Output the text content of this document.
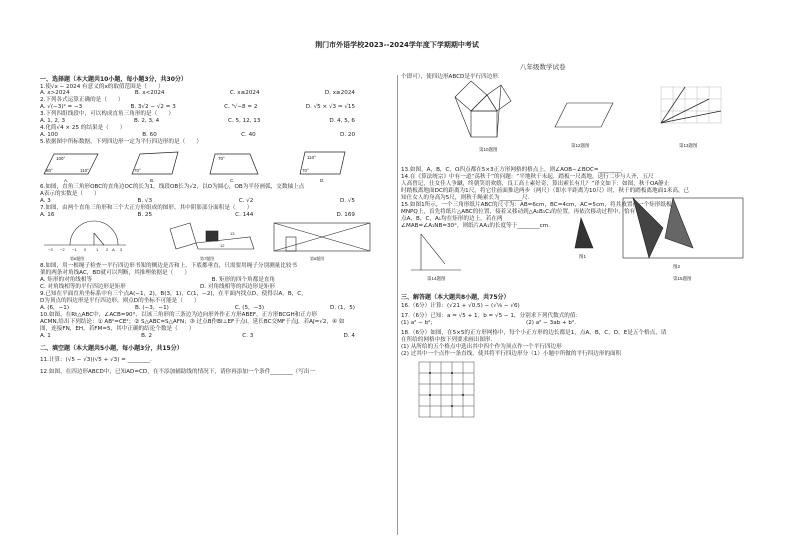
荆门市外语学校2023--2024学年度下学期期中考试
八年级数学试卷
一、选择题（本大题共10小题，每小题3分，共30分）
1.使√x − 2024 有意义的x的取值范围是（　　）
A. x>2024	B. x<2024	C. x≤2024	D. x≥2024
2.下列各式运算正确的是（　　）
A. √(−3)² = −3	B. 3√2 − √2 = 3	C. ³√−8 = 2	D. √5 × √3 = √15
3.下列四组线段中，可以构成直角三角形的是（　　）
A. 1, 2, 3	B. 2, 3, 4	C. 5, 12, 13	D. 4, 5, 6
4.化简√4 × 25 的结果是（　　）
A. 100	B. 60	C. 40	D. 20
5.依据图中所标数据，下列四边形一定为平行四边形的是（　　）
100°
80°	110°	70°
70°	110°
70°
A.	B.	C.	D.
6.如图，直角三角形OBC的直角边OC的长为1，线段OB长为√2，以O为圆心，OB为半径画弧，交数轴上点
A表示的实数是（　　）
A. 3	B. √3	C. √2	D. √5
7.如图，由两个直角三角形和三个大正方形组成的图形，其中阴影部分面积是（　　）
A. 16	B. 25	C. 144	D. 169
−3 −2 −1 0 1 2 A 3
第6题图
13
12
第7题图	第8题图
8.如图，用一根绳子检查一平行四边形书架的侧边是否和上、下底都垂直，只需要用绳子分别测量比较书
架的两条对角线AC，BD就可以判断，其推理依据是（　　）
A. 矩形的对角线相等	B. 矩形的四个角都是直角
C. 对角线相等的平行四边形是矩形	D. 对角线相等的四边形是矩形
9.已知在平面直角坐标系中有三个点A(−1，2)，B(3，1)，C(1，−2)，在平面内找点D，使得以A，B，C，
D为顶点的四边形是平行四边形，则点D的坐标不可能是（　　）
A. (6，−1)	B. (−3，−1)	C. (5，−3)	D. (1，5)
10.如图，在Rt△ABC中，∠ACB=90°，以该三角形的三条边为边向形外作正方形ABEF，正方形BCGH和正方形
ACMN,给出下列结论：① AB²=CE²；② S△ABC=S△AFN；③ 过点B作BI⊥EF于点I，延长BC交MF于点J，若AJ=√2，④ 如
图，连接FN，EH，若FM=5，其中正确的结论个数是（　　）
A. 1	B. 2	C. 3	D. 4
二、填空题（本大题共5小题，每小题3分，共15分）
11.计算：(√5 − √3)(√5 + √3) = ________.
12.如图，在四边形ABCD中，已知AD=CD，在不添加辅助线的情况下，请你再添加一个条件________（写出一
个即可），使四边形ABCD是平行四边形.
第10题图
第12题图	第13题图
13.如图，A，B，C，O四点都在5×3正方形网格的格点上，则∠AOB−∠BOC=________.
14.在《算法统宗》中有一道“荡秋千”的问题：“平地秋千未起，踏板一尺离地，送行二步与人齐，五尺
人高曾记，仕女佳人争蹴，终朝笑语欢嬉，良工高士素好奇，算出索长有几？”译文如下：如图，秋千OA静止
时踏板离地面DC的距离为1尺，将它往前面推送两步（两尺）（即水平距离为10尺）时，秋千的踏板离地面1米高，已
知仕女人的身高为5尺，则秋千绳索长为________尺.
15.如图1所示，一个三角形纸片ABC的尺寸为：AB=6cm，BC=4cm，AC=5cm，将其放置在一个矩形纸板
MNPQ上，首先将纸片△ABC的位置，接着又移动到△A₁B₁C₁的位置，再依次移动过程中，恰有
点A，B，C，A₁均在矩形的边上，若在两
∠MAB=∠A₁NB=30°，则纸片AA₁的长度等于________cm.
第14题图
图1
图2
第15题图
三、解答题（本大题共8小题，共75分）
16.（6分）计算：(√21 + √0.5) − (√⅛ − √6)
17.（6分）已知：a = √5 + 1，b = √5 − 1，分别求下列代数式的值：
(1) a² − b²；	(2) a² − 3ab + b².
18.（6分）如图，在5×5的正方形网格中，每个小正方形的边长都是1，点A，B，C，D，E是五个格点，请
在所给的网格中按下列要求画出图形.
(1) 从所给的五个格点中选出其中四个作为顶点作一个平行四边形
(2) 过其中一个点作一条直线，使其将平行四边形分（1）小题中所做的平行四边形的面积
